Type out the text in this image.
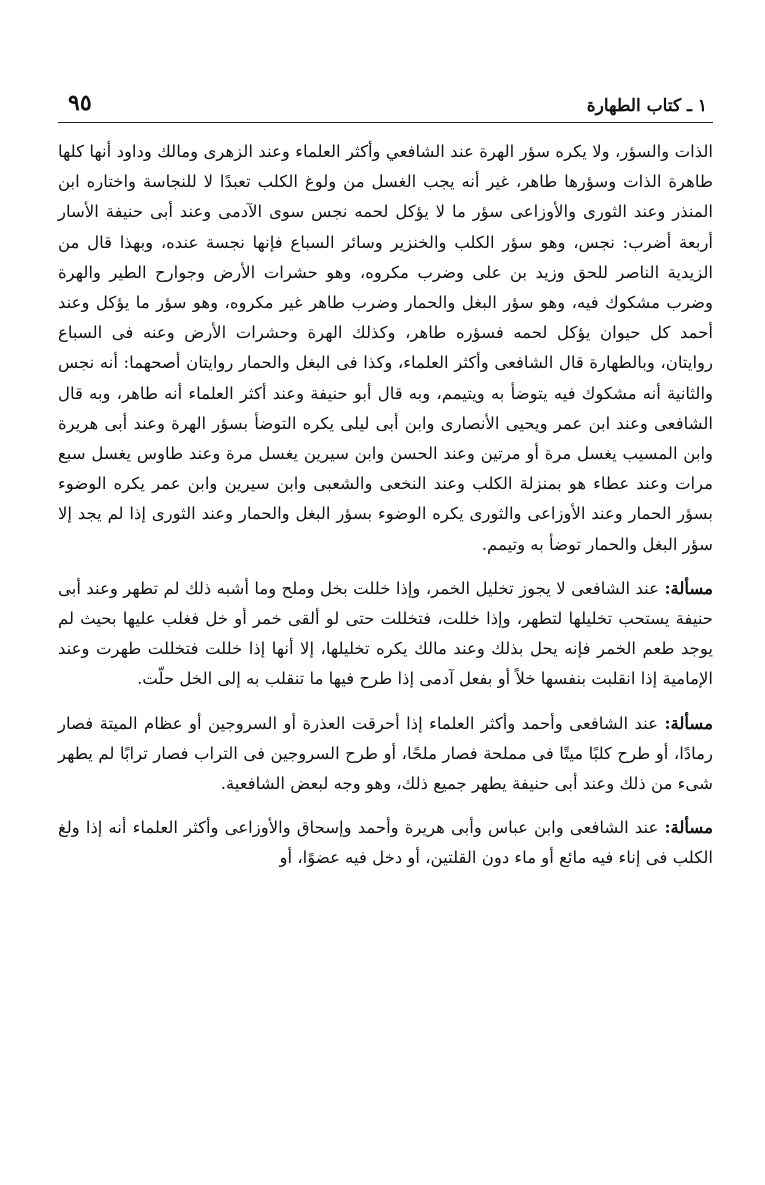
١ ـ كتاب الطهارة
٩٥

الذات والسؤر، ولا يكره سؤر الهرة عند الشافعي وأكثر العلماء وعند الزهرى ومالك وداود أنها كلها طاهرة الذات وسؤرها طاهر، غير أنه يجب الغسل من ولوغ الكلب تعبدًا لا للنجاسة واختاره ابن المنذر وعند الثورى والأوزاعى سؤر ما لا يؤكل لحمه نجس سوى الآدمى وعند أبى حنيفة الأسار أربعة أضرب: نجس، وهو سؤر الكلب والخنزير وسائر السباع فإنها نجسة عنده، وبهذا قال من الزيدية الناصر للحق وزيد بن على وضرب مكروه، وهو حشرات الأرض وجوارح الطير والهرة وضرب مشكوك فيه، وهو سؤر البغل والحمار وضرب طاهر غير مكروه، وهو سؤر ما يؤكل وعند أحمد كل حيوان يؤكل لحمه فسؤره طاهر، وكذلك الهرة وحشرات الأرض وعنه فى السباع روايتان، وبالطهارة قال الشافعى وأكثر العلماء، وكذا فى البغل والحمار روايتان أصحهما: أنه نجس والثانية أنه مشكوك فيه يتوضأ به ويتيمم، وبه قال أبو حنيفة وعند أكثر العلماء أنه طاهر، وبه قال الشافعى وعند ابن عمر ويحيى الأنصارى وابن أبى ليلى يكره التوضأ بسؤر الهرة وعند أبى هريرة وابن المسيب يغسل مرة أو مرتين وعند الحسن وابن سيرين يغسل مرة وعند طاوس يغسل سبع مرات وعند عطاء هو بمنزلة الكلب وعند النخعى والشعبى وابن سيرين وابن عمر يكره الوضوء بسؤر الحمار وعند الأوزاعى والثورى يكره الوضوء بسؤر البغل والحمار وعند الثورى إذا لم يجد إلا سؤر البغل والحمار توضأ به وتيمم.

مسألة: عند الشافعى لا يجوز تخليل الخمر، وإذا خللت بخل وملح وما أشبه ذلك لم تطهر وعند أبى حنيفة يستحب تخليلها لتطهر، وإذا خللت، فتخللت حتى لو ألقى خمر أو خل فغلب عليها بحيث لم يوجد طعم الخمر فإنه يحل بذلك وعند مالك يكره تخليلها، إلا أنها إذا خللت فتخللت طهرت وعند الإمامية إذا انقلبت بنفسها خلاً أو بفعل آدمى إذا طرح فيها ما تنقلب به إلى الخل حلّت.

مسألة: عند الشافعى وأحمد وأكثر العلماء إذا أحرقت العذرة أو السروجين أو عظام الميتة فصار رمادًا، أو طرح كلبًا ميتًا فى مملحة فصار ملحًا، أو طرح السروجين فى التراب فصار ترابًا لم يطهر شىء من ذلك وعند أبى حنيفة يطهر جميع ذلك، وهو وجه لبعض الشافعية.

مسألة: عند الشافعى وابن عباس وأبى هريرة وأحمد وإسحاق والأوزاعى وأكثر العلماء أنه إذا ولغ الكلب فى إناء فيه مائع أو ماء دون القلتين، أو دخل فيه عضوًا، أو
